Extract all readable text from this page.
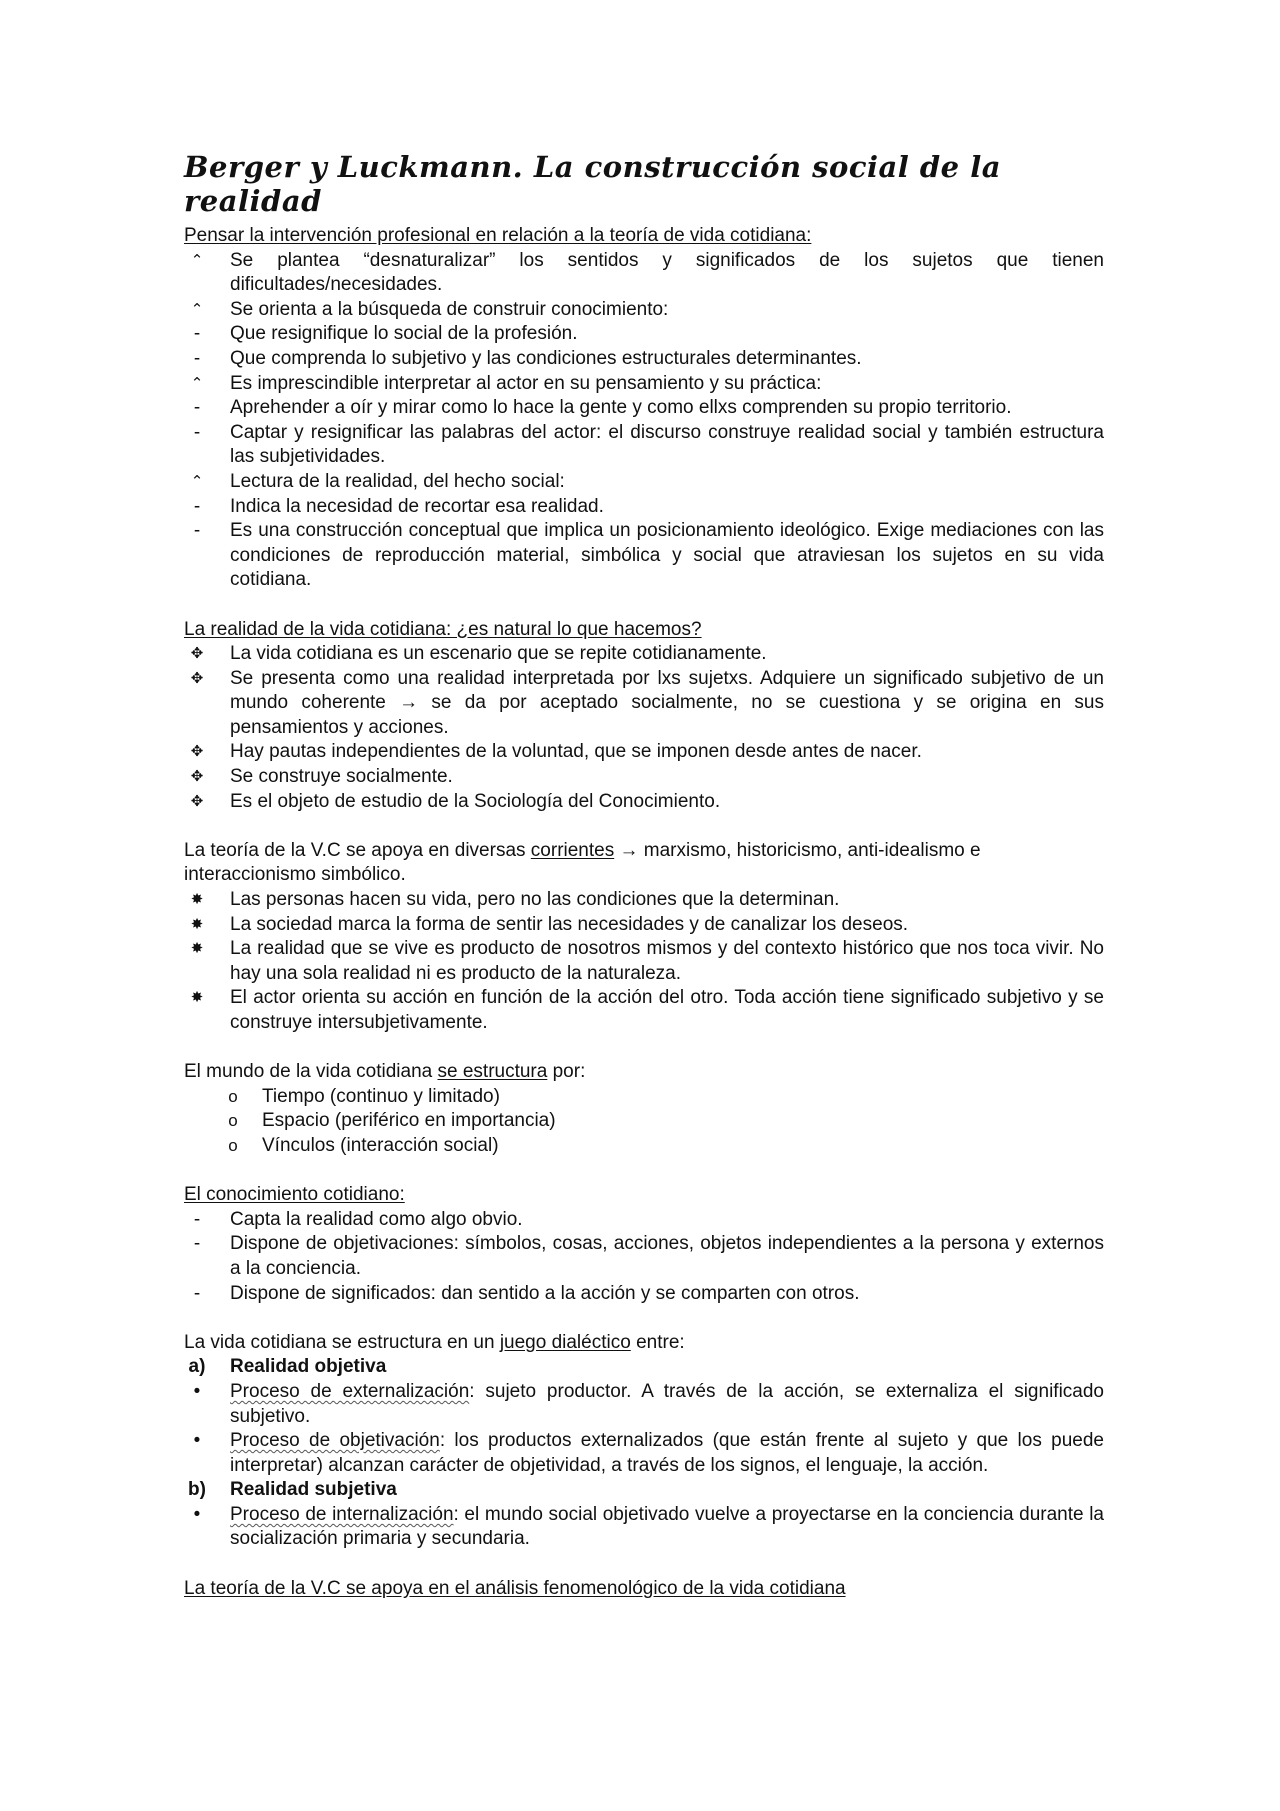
Berger y Luckmann. La construcción social de la realidad

Pensar la intervención profesional en relación a la teoría de vida cotidiana:

⌃	Se plantea “desnaturalizar” los sentidos y significados de los sujetos que tienen dificultades/necesidades.

⌃	Se orienta a la búsqueda de construir conocimiento:

-	Que resignifique lo social de la profesión.

-	Que comprenda lo subjetivo y las condiciones estructurales determinantes.

⌃	Es imprescindible interpretar al actor en su pensamiento y su práctica:

-	Aprehender a oír y mirar como lo hace la gente y como ellxs comprenden su propio territorio.

-	Captar y resignificar las palabras del actor: el discurso construye realidad social y también estructura las subjetividades.

⌃	Lectura de la realidad, del hecho social:

-	Indica la necesidad de recortar esa realidad.

-	Es una construcción conceptual que implica un posicionamiento ideológico. Exige mediaciones con las condiciones de reproducción material, simbólica y social que atraviesan los sujetos en su vida cotidiana.

La realidad de la vida cotidiana: ¿es natural lo que hacemos?

✥	La vida cotidiana es un escenario que se repite cotidianamente.

✥	Se presenta como una realidad interpretada por lxs sujetxs. Adquiere un significado subjetivo de un mundo coherente → se da por aceptado socialmente, no se cuestiona y se origina en sus pensamientos y acciones.

✥	Hay pautas independientes de la voluntad, que se imponen desde antes de nacer.

✥	Se construye socialmente.

✥	Es el objeto de estudio de la Sociología del Conocimiento.

La teoría de la V.C se apoya en diversas corrientes → marxismo, historicismo, anti-idealismo e interaccionismo simbólico.

✸	Las personas hacen su vida, pero no las condiciones que la determinan.

✸	La sociedad marca la forma de sentir las necesidades y de canalizar los deseos.

✸	La realidad que se vive es producto de nosotros mismos y del contexto histórico que nos toca vivir. No hay una sola realidad ni es producto de la naturaleza.

✸	El actor orienta su acción en función de la acción del otro. Toda acción tiene significado subjetivo y se construye intersubjetivamente.

El mundo de la vida cotidiana se estructura por:

o	Tiempo (continuo y limitado)

o	Espacio (periférico en importancia)

o	Vínculos (interacción social)

El conocimiento cotidiano:

-	Capta la realidad como algo obvio.

-	Dispone de objetivaciones: símbolos, cosas, acciones, objetos independientes a la persona y externos a la conciencia.

-	Dispone de significados: dan sentido a la acción y se comparten con otros.

La vida cotidiana se estructura en un juego dialéctico entre:

a) Realidad objetiva

•	Proceso de externalización: sujeto productor. A través de la acción, se externaliza el significado subjetivo.

•	Proceso de objetivación: los productos externalizados (que están frente al sujeto y que los puede interpretar) alcanzan carácter de objetividad, a través de los signos, el lenguaje, la acción.

b) Realidad subjetiva

•	Proceso de internalización: el mundo social objetivado vuelve a proyectarse en la conciencia durante la socialización primaria y secundaria.

La teoría de la V.C se apoya en el análisis fenomenológico de la vida cotidiana
